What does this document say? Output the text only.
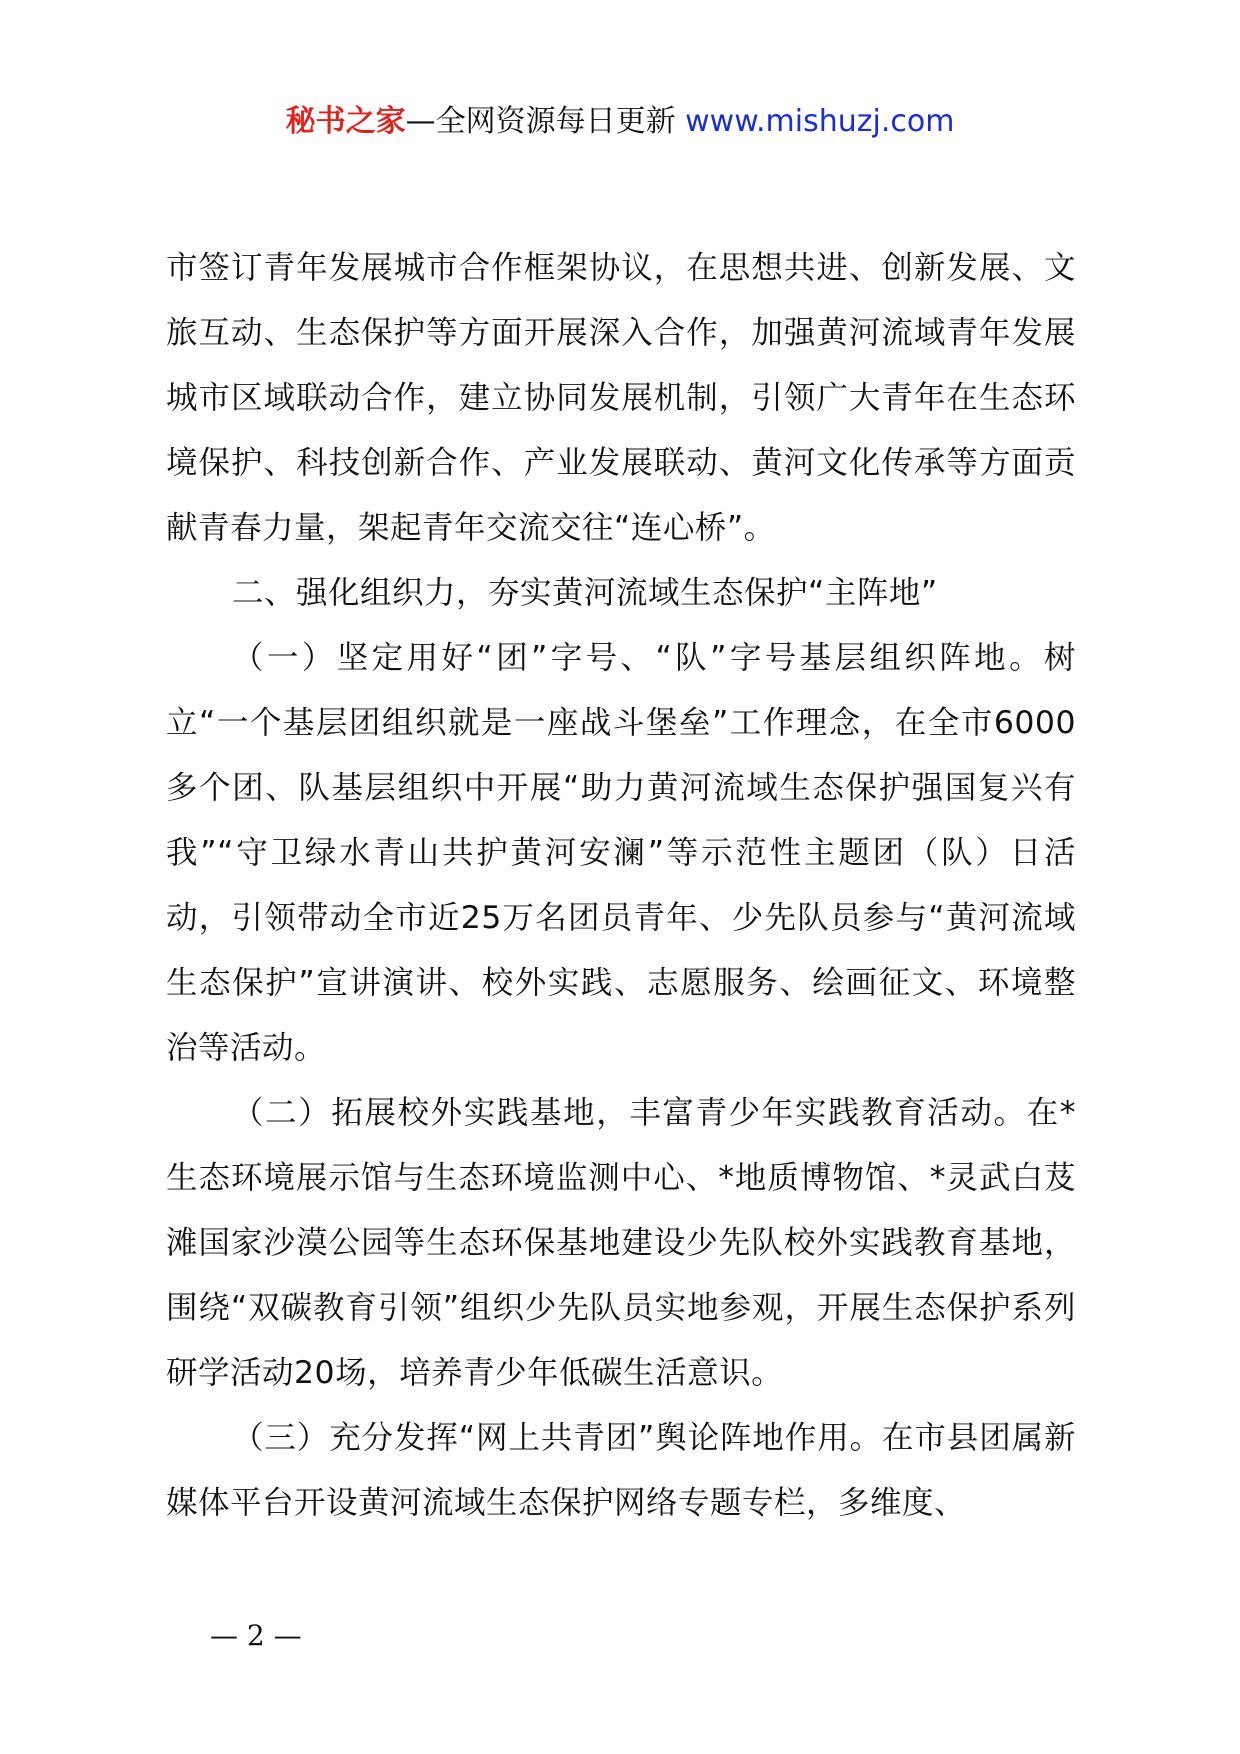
秘书之家—全网资源每日更新 www.mishuzj.com

市签订青年发展城市合作框架协议，在思想共进、创新发展、文旅互动、生态保护等方面开展深入合作，加强黄河流域青年发展城市区域联动合作，建立协同发展机制，引领广大青年在生态环境保护、科技创新合作、产业发展联动、黄河文化传承等方面贡献青春力量，架起青年交流交往“连心桥”。

二、强化组织力，夯实黄河流域生态保护“主阵地”

（一）坚定用好“团”字号、“队”字号基层组织阵地。树立“一个基层团组织就是一座战斗堡垒”工作理念，在全市6000多个团、队基层组织中开展“助力黄河流域生态保护强国复兴有我”“守卫绿水青山共护黄河安澜”等示范性主题团（队）日活动，引领带动全市近25万名团员青年、少先队员参与“黄河流域生态保护”宣讲演讲、校外实践、志愿服务、绘画征文、环境整治等活动。

（二）拓展校外实践基地，丰富青少年实践教育活动。在*生态环境展示馆与生态环境监测中心、*地质博物馆、*灵武白芨滩国家沙漠公园等生态环保基地建设少先队校外实践教育基地，围绕“双碳教育引领”组织少先队员实地参观，开展生态保护系列研学活动20场，培养青少年低碳生活意识。

（三）充分发挥“网上共青团”舆论阵地作用。在市县团属新媒体平台开设黄河流域生态保护网络专题专栏，多维度、

— 2 —
